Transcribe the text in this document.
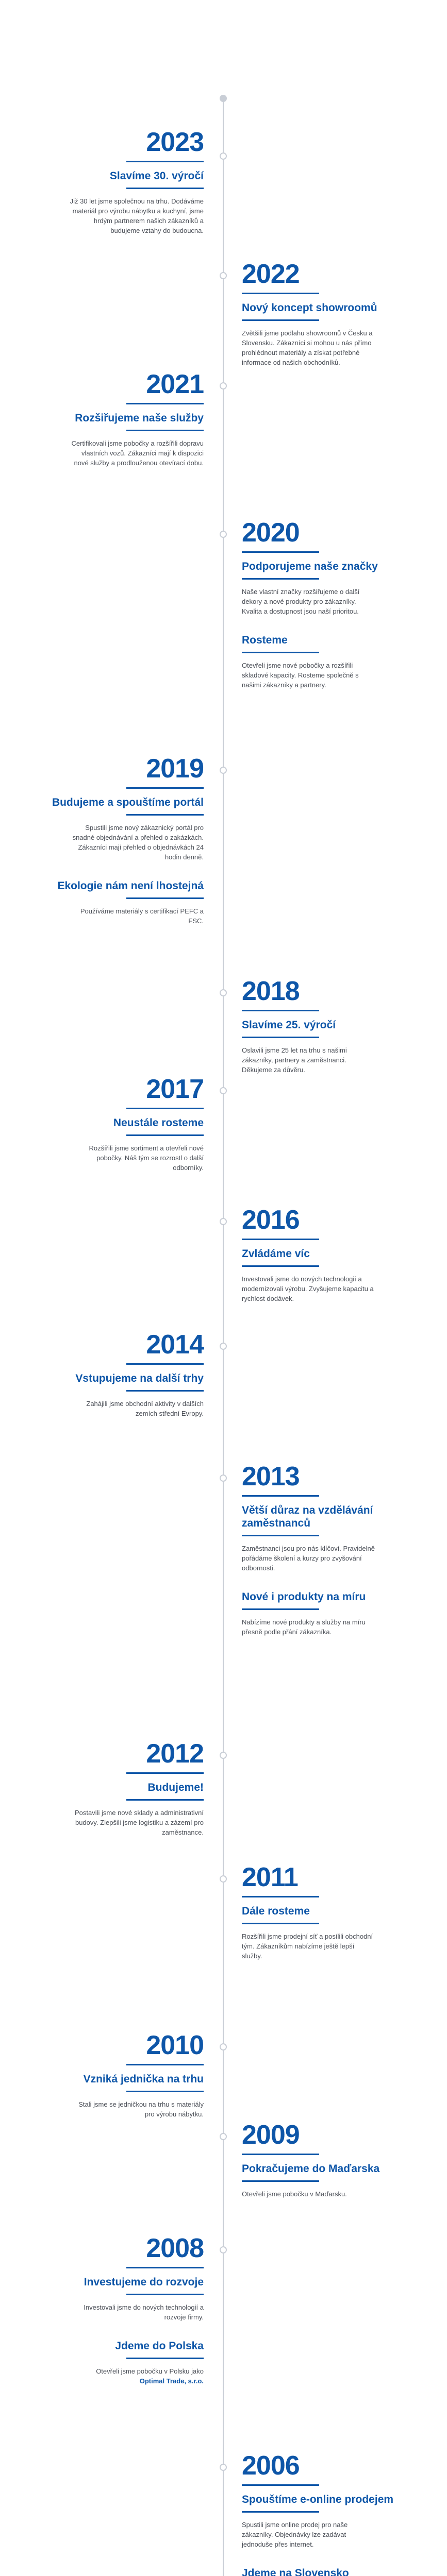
2023
Slavíme 30. výročí
Již 30 let jsme společnou na trhu. Dodáváme materiál pro výrobu nábytku a kuchyní, jsme hrdým partnerem našich zákazníků a budujeme vztahy do budoucna.
2022
Nový koncept showroomů
Zvětšili jsme podlahu showroomů v Česku a Slovensku. Zákazníci si mohou u nás přímo prohlédnout materiály a získat potřebné informace od našich obchodníků.
2021
Rozšiřujeme naše služby
Certifikovali jsme pobočky a rozšířili dopravu vlastních vozů. Zákazníci mají k dispozici nové služby a prodlouženou otevírací dobu.
2020
Podporujeme naše značky
Naše vlastní značky rozšiřujeme o další dekory a nové produkty pro zákazníky. Kvalita a dostupnost jsou naší prioritou.
Rosteme
Otevřeli jsme nové pobočky a rozšířili skladové kapacity. Rosteme společně s našimi zákazníky a partnery.
2019
Budujeme a spouštíme portál
Spustili jsme nový zákaznický portál pro snadné objednávání a přehled o zakázkách. Zákazníci mají přehled o objednávkách 24 hodin denně.
Ekologie nám není lhostejná
Používáme materiály s certifikací PEFC a FSC.
2018
Slavíme 25. výročí
Oslavili jsme 25 let na trhu s našimi zákazníky, partnery a zaměstnanci. Děkujeme za důvěru.
2017
Neustále rosteme
Rozšířili jsme sortiment a otevřeli nové pobočky. Náš tým se rozrostl o další odborníky.
2016
Zvládáme víc
Investovali jsme do nových technologií a modernizovali výrobu. Zvyšujeme kapacitu a rychlost dodávek.
2014
Vstupujeme na další trhy
Zahájili jsme obchodní aktivity v dalších zemích střední Evropy.
2013
Větší důraz na vzdělávání zaměstnanců
Zaměstnanci jsou pro nás klíčoví. Pravidelně pořádáme školení a kurzy pro zvyšování odbornosti.
Nové i produkty na míru
Nabízíme nové produkty a služby na míru přesně podle přání zákazníka.
2012
Budujeme!
Postavili jsme nové sklady a administrativní budovy. Zlepšili jsme logistiku a zázemí pro zaměstnance.
2011
Dále rosteme
Rozšířili jsme prodejní síť a posílili obchodní tým. Zákazníkům nabízíme ještě lepší služby.
2010
Vzniká jednička na trhu
Stali jsme se jedničkou na trhu s materiály pro výrobu nábytku.
2009
Pokračujeme do Maďarska
Otevřeli jsme pobočku v Maďarsku.
2008
Investujeme do rozvoje
Investovali jsme do nových technologií a rozvoje firmy.
Jdeme do Polska
Otevřeli jsme pobočku v Polsku jako Optimal Trade, s.r.o.
2006
Spouštíme e-online prodejem
Spustili jsme online prodej pro naše zákazníky. Objednávky lze zadávat jednoduše přes internet.
Jdeme na Slovensko
